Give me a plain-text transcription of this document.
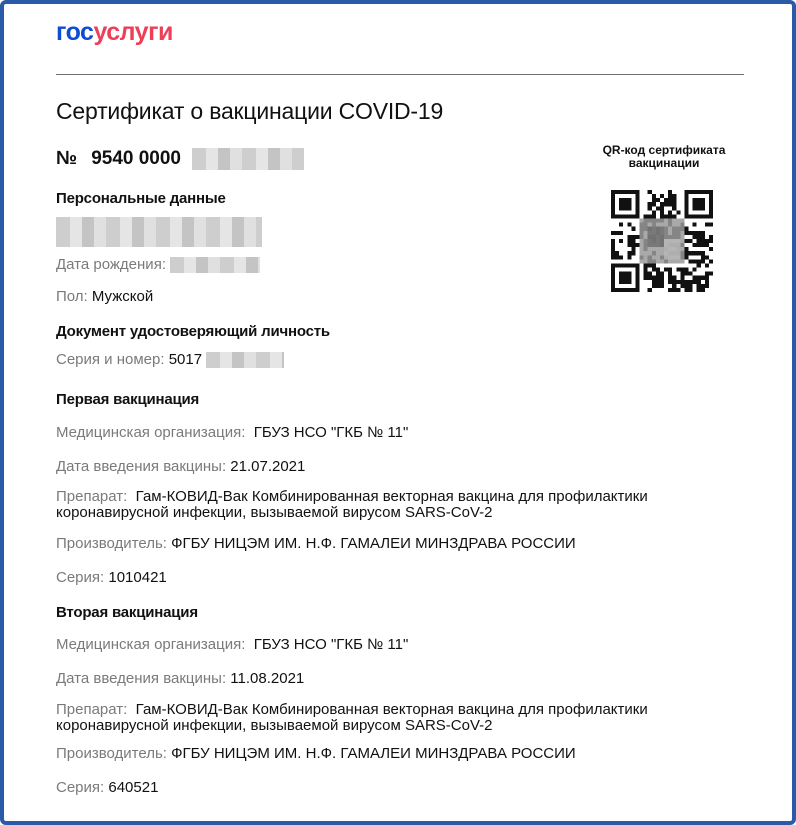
госуслуги
Сертификат о вакцинации COVID-19
№ 9540 0000	QR-код сертификата вакцинации
Персональные данные
Дата рождения:
Пол: Мужской
Документ удостоверяющий личность
Серия и номер: 5017
Первая вакцинация
Медицинская организация: ГБУЗ НСО "ГКБ № 11"
Дата введения вакцины: 21.07.2021
Препарат: Гам-КОВИД-Вак Комбинированная векторная вакцина для профилактики коронавирусной инфекции, вызываемой вирусом SARS-CoV-2
Производитель: ФГБУ НИЦЭМ ИМ. Н.Ф. ГАМАЛЕИ МИНЗДРАВА РОССИИ
Серия: 1010421
Вторая вакцинация
Медицинская организация: ГБУЗ НСО "ГКБ № 11"
Дата введения вакцины: 11.08.2021
Препарат: Гам-КОВИД-Вак Комбинированная векторная вакцина для профилактики коронавирусной инфекции, вызываемой вирусом SARS-CoV-2
Производитель: ФГБУ НИЦЭМ ИМ. Н.Ф. ГАМАЛЕИ МИНЗДРАВА РОССИИ
Серия: 640521
